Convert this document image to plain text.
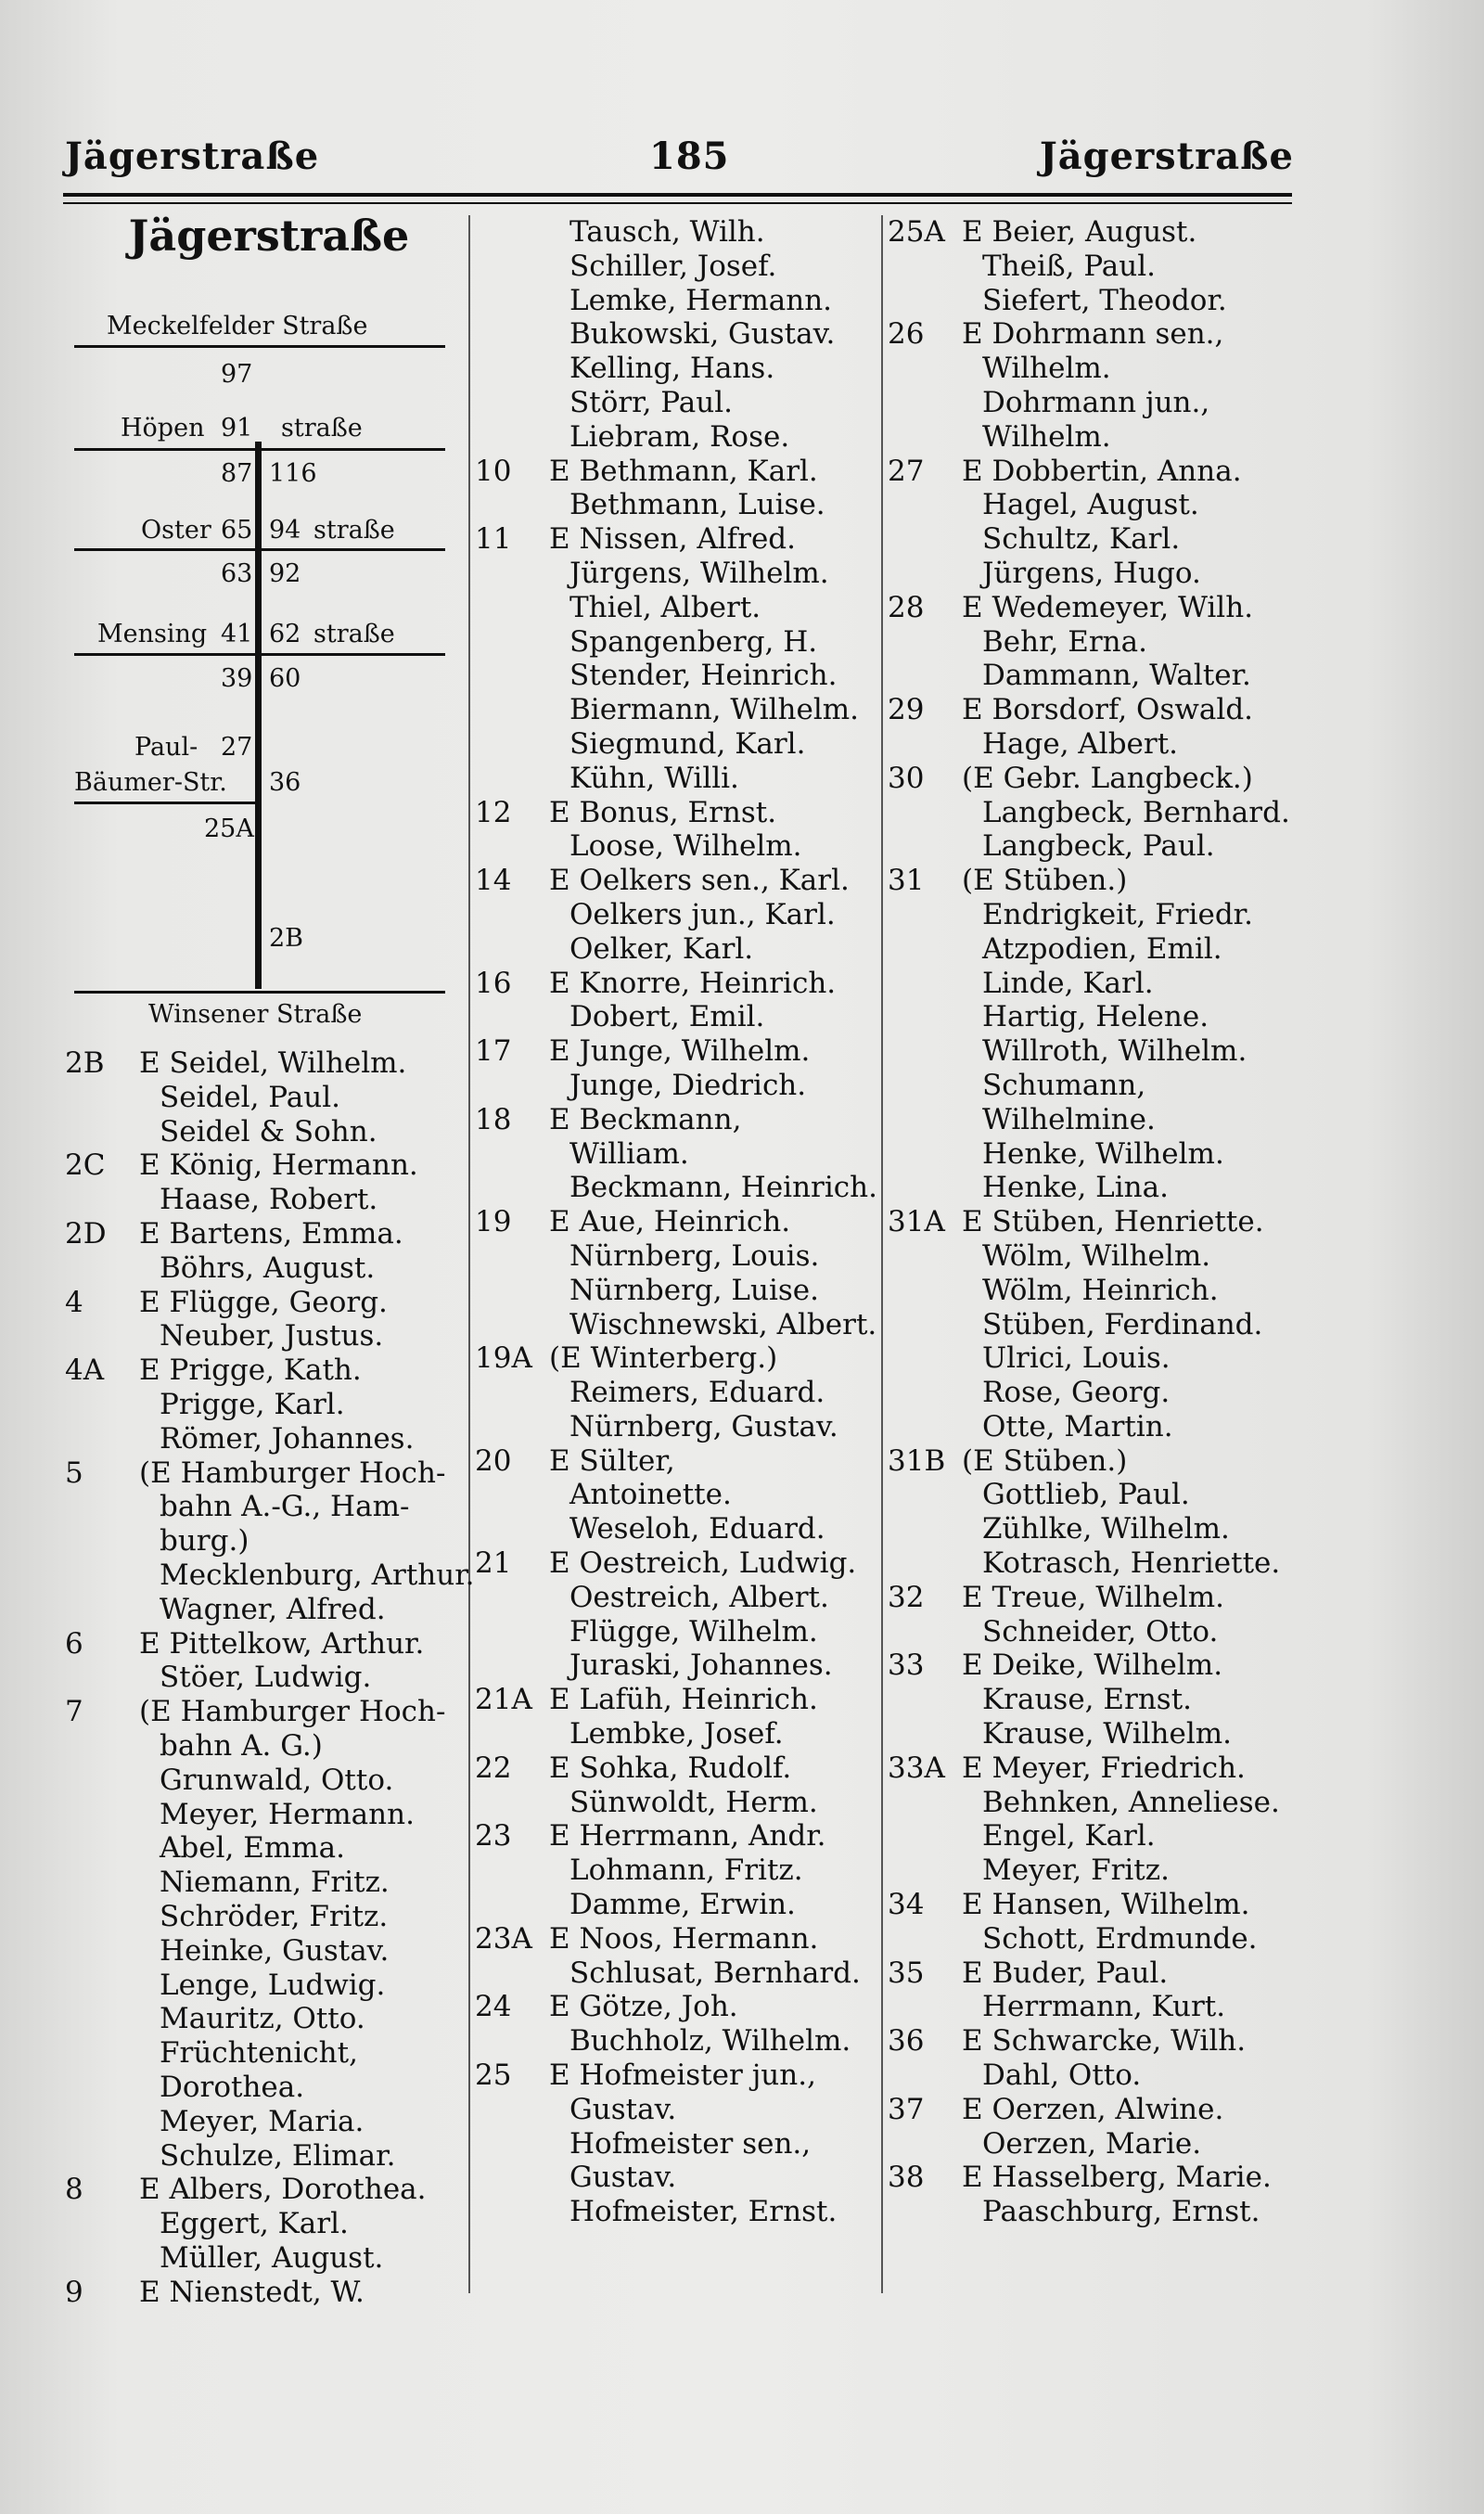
Jägerstraße	185	Jägerstraße
Jägerstraße
Meckelfelder Straße
97
Höpen 91 straße
87 116
Oster 65 94 straße
63 92
Mensing 41 62 straße
39 60
Paul- 27
Bäumer-Str. 36
25A
2B
Winsener Straße
2B	E Seidel, Wilhelm.
Seidel, Paul.
Seidel & Sohn.
2C	E König, Hermann.
Haase, Robert.
2D	E Bartens, Emma.
Böhrs, August.
4	E Flügge, Georg.
Neuber, Justus.
4A	E Prigge, Kath.
Prigge, Karl.
Römer, Johannes.
5	(E Hamburger Hoch-
bahn A.-G., Ham-
burg.)
Mecklenburg, Arthur.
Wagner, Alfred.
6	E Pittelkow, Arthur.
Stöer, Ludwig.
7	(E Hamburger Hoch-
bahn A. G.)
Grunwald, Otto.
Meyer, Hermann.
Abel, Emma.
Niemann, Fritz.
Schröder, Fritz.
Heinke, Gustav.
Lenge, Ludwig.
Mauritz, Otto.
Früchtenicht,
Dorothea.
Meyer, Maria.
Schulze, Elimar.
8	E Albers, Dorothea.
Eggert, Karl.
Müller, August.
9	E Nienstedt, W.
Tausch, Wilh.
Schiller, Josef.
Lemke, Hermann.
Bukowski, Gustav.
Kelling, Hans.
Störr, Paul.
Liebram, Rose.
10	E Bethmann, Karl.
Bethmann, Luise.
11	E Nissen, Alfred.
Jürgens, Wilhelm.
Thiel, Albert.
Spangenberg, H.
Stender, Heinrich.
Biermann, Wilhelm.
Siegmund, Karl.
Kühn, Willi.
12	E Bonus, Ernst.
Loose, Wilhelm.
14	E Oelkers sen., Karl.
Oelkers jun., Karl.
Oelker, Karl.
16	E Knorre, Heinrich.
Dobert, Emil.
17	E Junge, Wilhelm.
Junge, Diedrich.
18	E Beckmann,
William.
Beckmann, Heinrich.
19	E Aue, Heinrich.
Nürnberg, Louis.
Nürnberg, Luise.
Wischnewski, Albert.
19A (E Winterberg.)
Reimers, Eduard.
Nürnberg, Gustav.
20	E Sülter,
Antoinette.
Weseloh, Eduard.
21	E Oestreich, Ludwig.
Oestreich, Albert.
Flügge, Wilhelm.
Juraski, Johannes.
21A E Lafüh, Heinrich.
Lembke, Josef.
22	E Sohka, Rudolf.
Sünwoldt, Herm.
23	E Herrmann, Andr.
Lohmann, Fritz.
Damme, Erwin.
23A E Noos, Hermann.
Schlusat, Bernhard.
24	E Götze, Joh.
Buchholz, Wilhelm.
25	E Hofmeister jun.,
Gustav.
Hofmeister sen.,
Gustav.
Hofmeister, Ernst.
25A E Beier, August.
Theiß, Paul.
Siefert, Theodor.
26	E Dohrmann sen.,
Wilhelm.
Dohrmann jun.,
Wilhelm.
27	E Dobbertin, Anna.
Hagel, August.
Schultz, Karl.
Jürgens, Hugo.
28	E Wedemeyer, Wilh.
Behr, Erna.
Dammann, Walter.
29	E Borsdorf, Oswald.
Hage, Albert.
30	(E Gebr. Langbeck.)
Langbeck, Bernhard.
Langbeck, Paul.
31	(E Stüben.)
Endrigkeit, Friedr.
Atzpodien, Emil.
Linde, Karl.
Hartig, Helene.
Willroth, Wilhelm.
Schumann,
Wilhelmine.
Henke, Wilhelm.
Henke, Lina.
31A E Stüben, Henriette.
Wölm, Wilhelm.
Wölm, Heinrich.
Stüben, Ferdinand.
Ulrici, Louis.
Rose, Georg.
Otte, Martin.
31B (E Stüben.)
Gottlieb, Paul.
Zühlke, Wilhelm.
Kotrasch, Henriette.
32	E Treue, Wilhelm.
Schneider, Otto.
33	E Deike, Wilhelm.
Krause, Ernst.
Krause, Wilhelm.
33A E Meyer, Friedrich.
Behnken, Anneliese.
Engel, Karl.
Meyer, Fritz.
34	E Hansen, Wilhelm.
Schott, Erdmunde.
35	E Buder, Paul.
Herrmann, Kurt.
36	E Schwarcke, Wilh.
Dahl, Otto.
37	E Oerzen, Alwine.
Oerzen, Marie.
38	E Hasselberg, Marie.
Paaschburg, Ernst.
